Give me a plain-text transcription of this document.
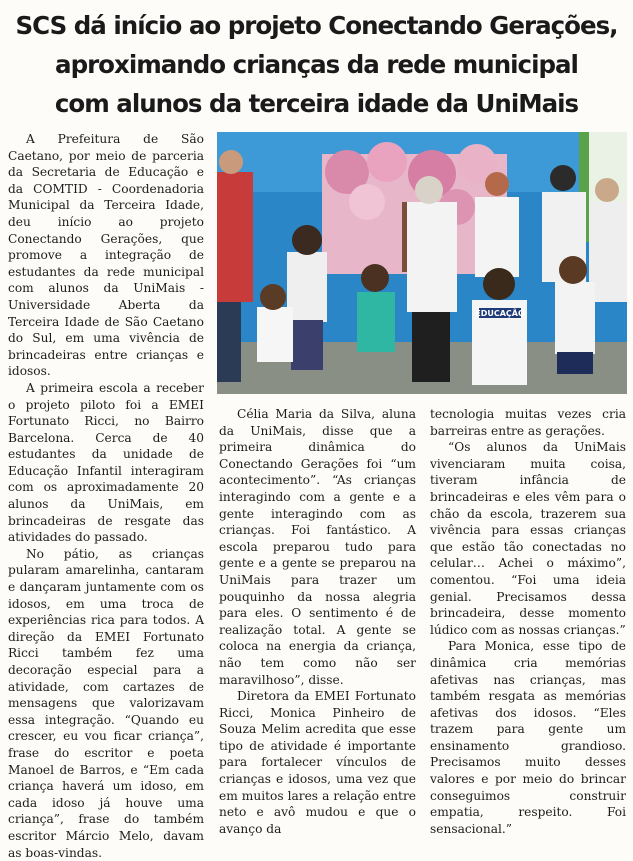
SCS dá início ao projeto Conectando Gerações,
aproximando crianças da rede municipal
com alunos da terceira idade da UniMais

A Prefeitura de São Caetano, por meio de parceria da Secretaria de Educação e da COMTID - Coordenadoria Municipal da Terceira Idade, deu início ao projeto Conectando Gerações, que promove a integração de estudantes da rede municipal com alunos da UniMais - Universidade Aberta da Terceira Idade de São Caetano do Sul, em uma vivência de brincadeiras entre crianças e idosos.

A primeira escola a receber o projeto piloto foi a EMEI Fortunato Ricci, no Bairro Barcelona. Cerca de 40 estudantes da unidade de Educação Infantil interagiram com os aproximadamente 20 alunos da UniMais, em brincadeiras de resgate das atividades do passado.

No pátio, as crianças pularam amarelinha, cantaram e dançaram juntamente com os idosos, em uma troca de experiências rica para todos. A direção da EMEI Fortunato Ricci também fez uma decoração especial para a atividade, com cartazes de mensagens que valorizavam essa integração. “Quando eu crescer, eu vou ficar criança”, frase do escritor e poeta Manoel de Barros, e “Em cada criança haverá um idoso, em cada idoso já houve uma criança”, frase do também escritor Márcio Melo, davam as boas-vindas.

EDUCAÇÃO

Célia Maria da Silva, aluna da UniMais, disse que a primeira dinâmica do Conectando Gerações foi “um acontecimento”. “As crianças interagindo com a gente e a gente interagindo com as crianças. Foi fantástico. A escola preparou tudo para gente e a gente se preparou na UniMais para trazer um pouquinho da nossa alegria para eles. O sentimento é de realização total. A gente se coloca na energia da criança, não tem como não ser maravilhoso”, disse.

Diretora da EMEI Fortunato Ricci, Monica Pinheiro de Souza Melim acredita que esse tipo de atividade é importante para fortalecer vínculos de crianças e idosos, uma vez que em muitos lares a relação entre neto e avô mudou e que o avanço da

tecnologia muitas vezes cria barreiras entre as gerações.

“Os alunos da UniMais vivenciaram muita coisa, tiveram infância de brincadeiras e eles vêm para o chão da escola, trazerem sua vivência para essas crianças que estão tão conectadas no celular… Achei o máximo”, comentou. “Foi uma ideia genial. Precisamos dessa brincadeira, desse momento lúdico com as nossas crianças.”

Para Monica, esse tipo de dinâmica cria memórias afetivas nas crianças, mas também resgata as memórias afetivas dos idosos. “Eles trazem para gente um ensinamento grandioso. Precisamos muito desses valores e por meio do brincar conseguimos construir empatia, respeito. Foi sensacional.”
